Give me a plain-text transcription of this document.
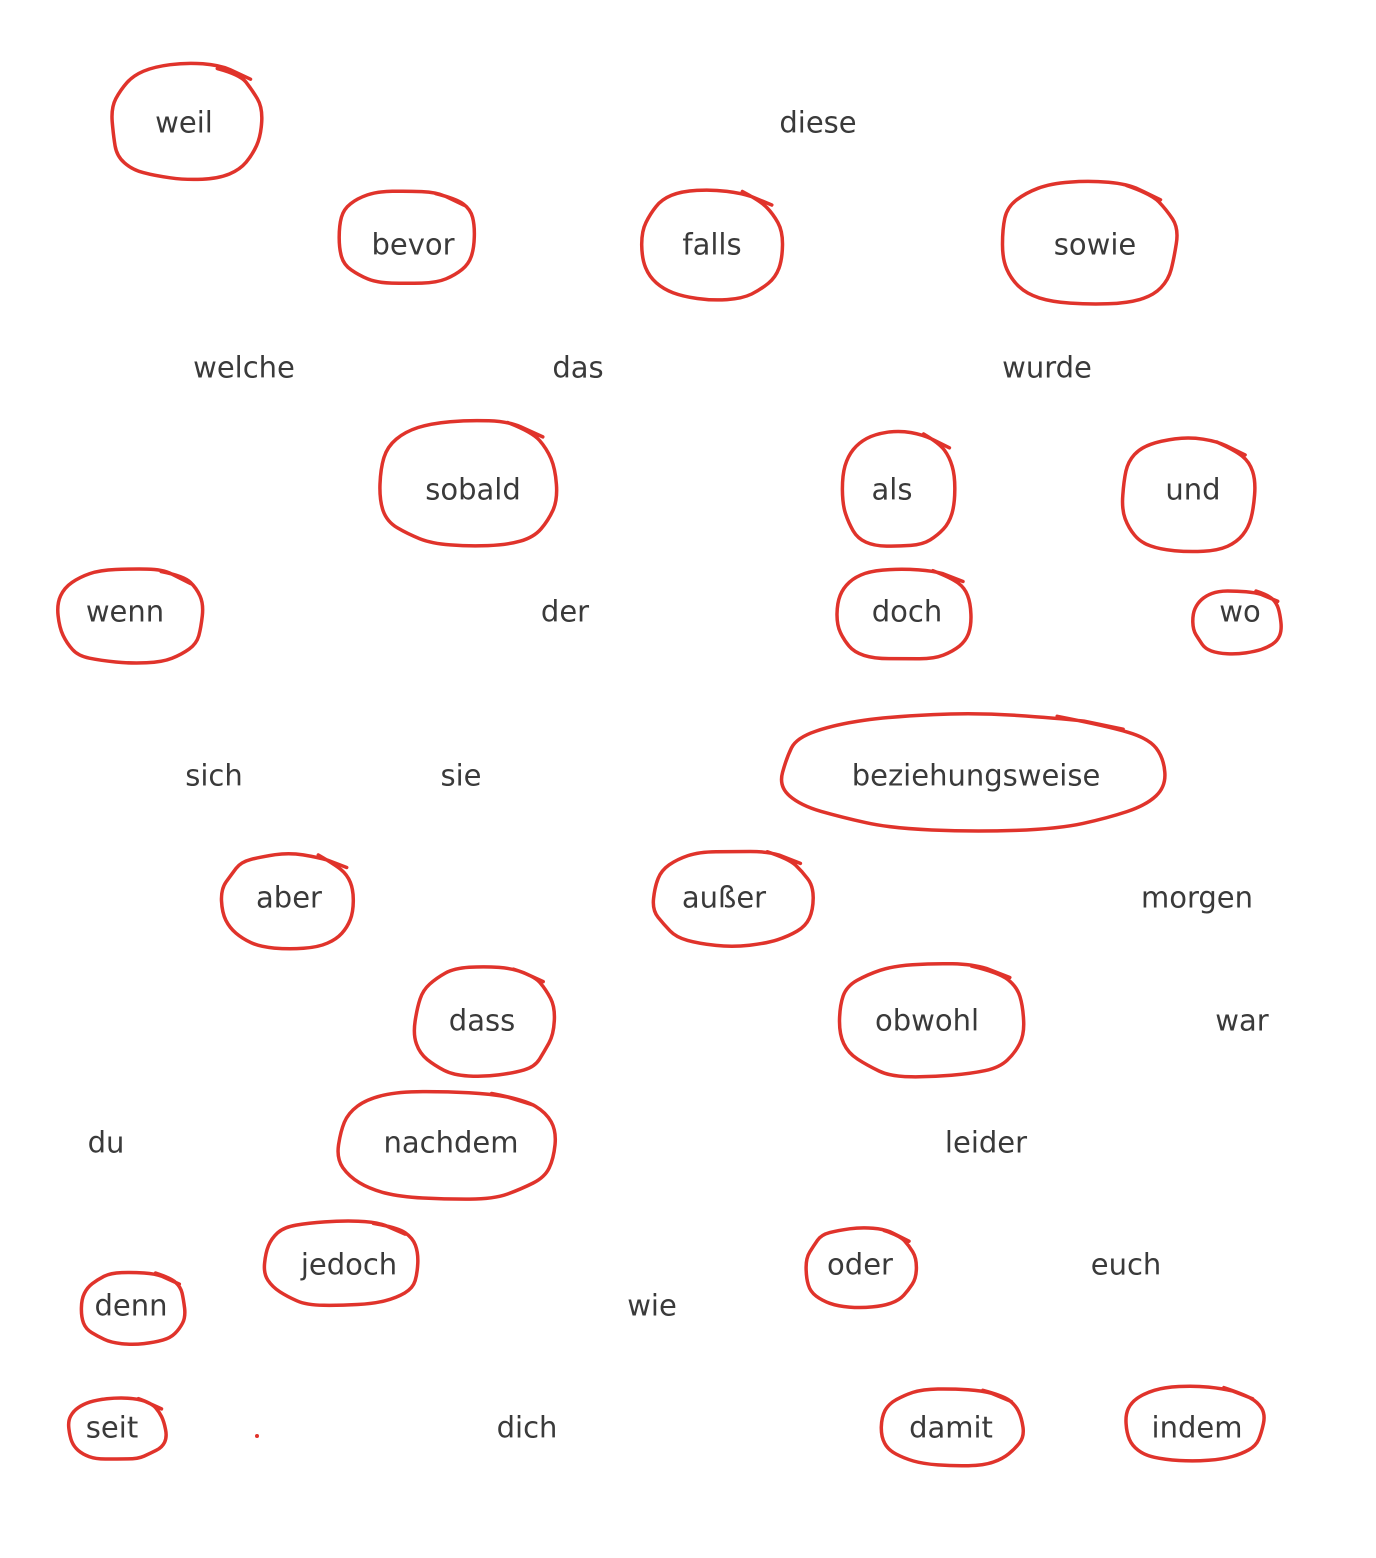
weil	diese
bevor	falls	sowie
welche	das	wurde
sobald	als	und
wenn	der	doch	wo
sich	sie	beziehungsweise
aber	außer	morgen
dass	obwohl	war
du	nachdem	leider
jedoch	oder	euch
denn	wie
seit	dich	damit	indem
